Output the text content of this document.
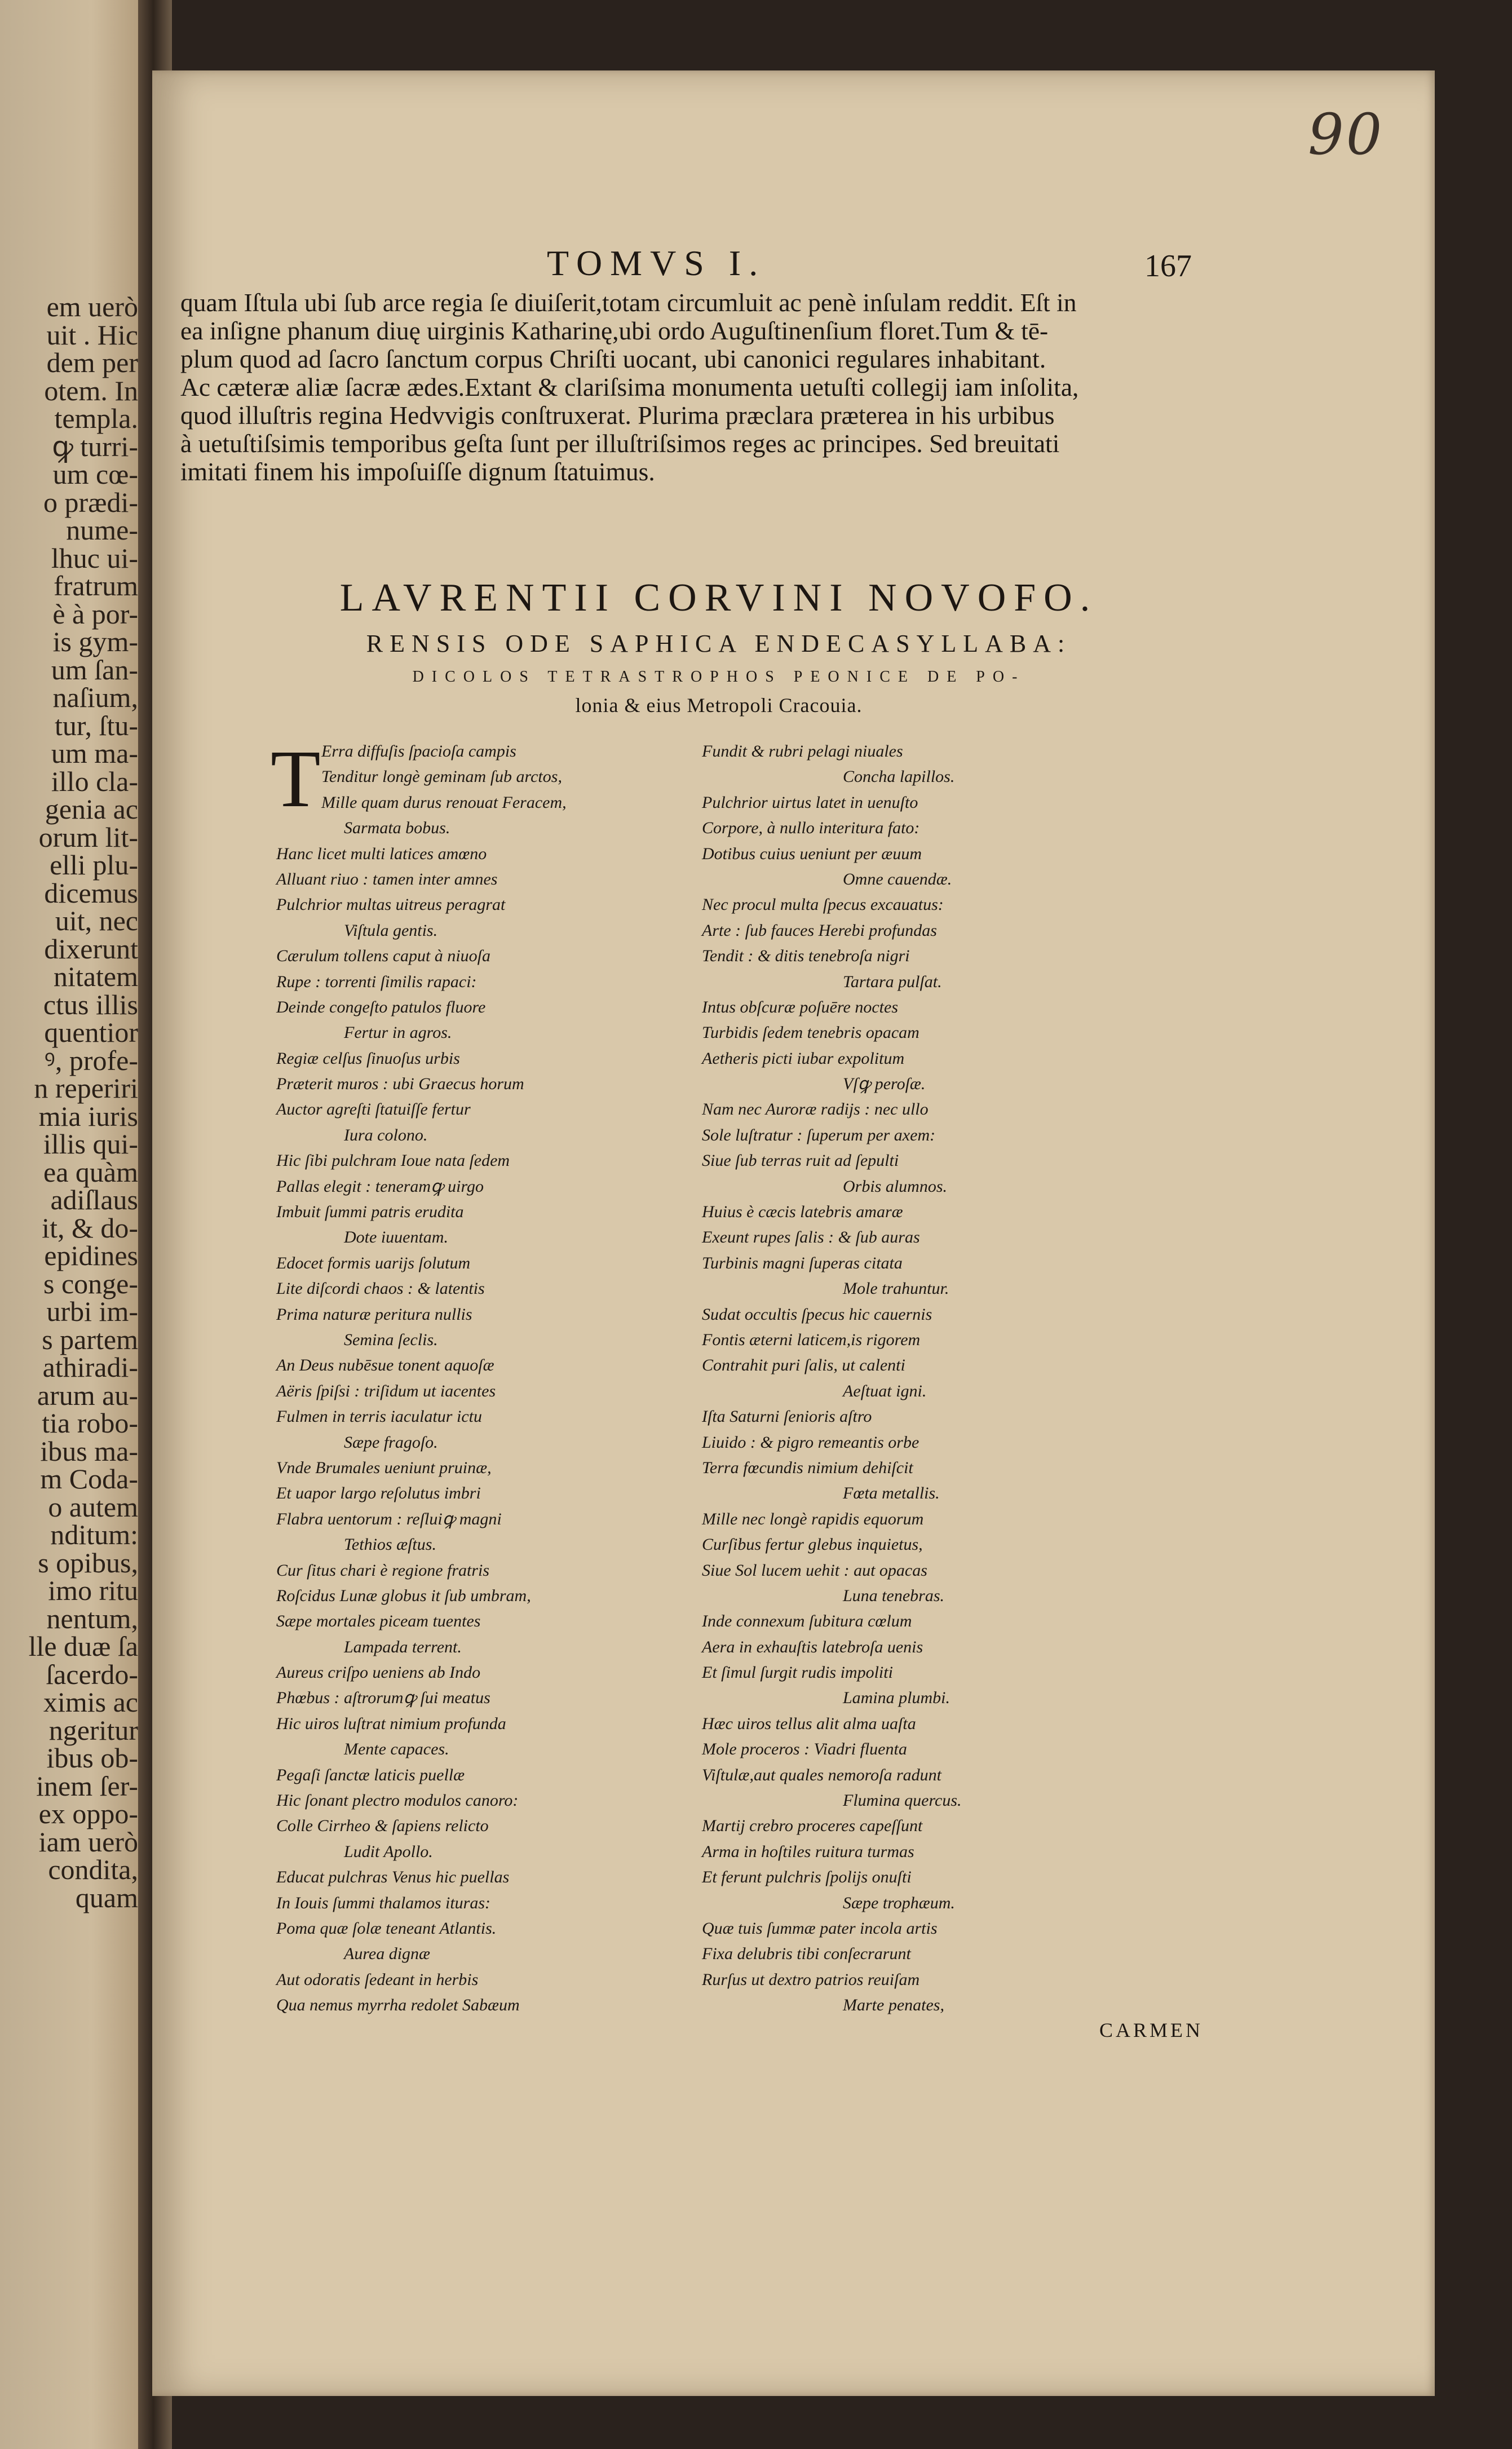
em uerò
uit . Hic
dem per
otem. In
templa.
ꝙ turri-
um cœ-
o prædi-
nume-
lhuc ui-
fratrum
è à por-
is gym-
um ſan-
naſium,
tur, ſtu-
um ma-
illo cla-
genia ac
orum lit-
elli plu-
dicemus
uit, nec
dixerunt
nitatem
ctus illis
quentior
ꝰ, profe-
n reperiri
mia iuris
illis qui-
ea quàm
adiſlaus
it, & do-
epidines
s conge-
urbi im-
s partem
athiradi-
arum au-
tia robo-
ibus ma-
m Coda-
o autem
nditum:
s opibus,
imo ritu
nentum,
lle duæ ſa
ſacerdo-
ximis ac
ngeritur
ibus ob-
inem ſer-
ex oppo-
iam uerò
condita,
quam
90
TOMVS I.	167
quam Iſtula ubi ſub arce regia ſe diuiſerit,totam circumluit ac penè inſulam reddit. Eſt in
ea inſigne phanum diuę uirginis Katharinę,ubi ordo Auguſtinenſium floret.Tum & tē-
plum quod ad ſacro ſanctum corpus Chriſti uocant, ubi canonici regulares inhabitant.
Ac cæteræ aliæ ſacræ ædes.Extant & clariſsima monumenta uetuſti collegij iam inſolita,
quod illuſtris regina Hedvvigis conſtruxerat. Plurima præclara præterea in his urbibus
à uetuſtiſsimis temporibus geſta ſunt per illuſtriſsimos reges ac principes. Sed breuitati
imitati finem his impoſuiſſe dignum ſtatuimus.
LAVRENTII CORVINI NOVOFO.
RENSIS ODE SAPHICA ENDECASYLLABA:
DICOLOS TETRASTROPHOS PEONICE DE PO-
lonia & eius Metropoli Cracouia.
T Erra diffuſis ſpacioſa campis
Tenditur longè geminam ſub arctos,
Mille quam durus renouat Feracem,
Sarmata bobus.
Hanc licet multi latices amœno
Alluant riuo : tamen inter amnes
Pulchrior multas uitreus peragrat
Viſtula gentis.
Cærulum tollens caput à niuoſa
Rupe : torrenti ſimilis rapaci:
Deinde congeſto patulos fluore
Fertur in agros.
Regiæ celſus ſinuoſus urbis
Præterit muros : ubi Graecus horum
Auctor agreſti ſtatuiſſe fertur
Iura colono.
Hic ſibi pulchram Ioue nata ſedem
Pallas elegit : teneramꝙ uirgo
Imbuit ſummi patris erudita
Dote iuuentam.
Edocet formis uarijs ſolutum
Lite diſcordi chaos : & latentis
Prima naturæ peritura nullis
Semina ſeclis.
An Deus nubēsue tonent aquoſæ
Aëris ſpiſsi : triſidum ut iacentes
Fulmen in terris iaculatur ictu
Sæpe fragoſo.
Vnde Brumales ueniunt pruinæ,
Et uapor largo reſolutus imbri
Flabra uentorum : reſluiꝙ magni
Tethios æſtus.
Cur ſitus chari è regione fratris
Roſcidus Lunæ globus it ſub umbram,
Sæpe mortales piceam tuentes
Lampada terrent.
Aureus criſpo ueniens ab Indo
Phœbus : aſtrorumꝙ ſui meatus
Hic uiros luſtrat nimium profunda
Mente capaces.
Pegaſi ſanctæ laticis puellæ
Hic ſonant plectro modulos canoro:
Colle Cirrheo & ſapiens relicto
Ludit Apollo.
Educat pulchras Venus hic puellas
In Iouis ſummi thalamos ituras:
Poma quæ ſolæ teneant Atlantis.
Aurea dignæ
Aut odoratis ſedeant in herbis
Qua nemus myrrha redolet Sabæum
Fundit & rubri pelagi niuales
Concha lapillos.
Pulchrior uirtus latet in uenuſto
Corpore, à nullo interitura fato:
Dotibus cuius ueniunt per æuum
Omne cauendæ.
Nec procul multa ſpecus excauatus:
Arte : ſub fauces Herebi profundas
Tendit : & ditis tenebroſa nigri
Tartara pulſat.
Intus obſcuræ poſuēre noctes
Turbidis ſedem tenebris opacam
Aetheris picti iubar expolitum
Vſꝙ peroſæ.
Nam nec Auroræ radijs : nec ullo
Sole luſtratur : ſuperum per axem:
Siue ſub terras ruit ad ſepulti
Orbis alumnos.
Huius è cæcis latebris amaræ
Exeunt rupes ſalis : & ſub auras
Turbinis magni ſuperas citata
Mole trahuntur.
Sudat occultis ſpecus hic cauernis
Fontis æterni laticem,is rigorem
Contrahit puri ſalis, ut calenti
Aeſtuat igni.
Iſta Saturni ſenioris aſtro
Liuido : & pigro remeantis orbe
Terra fœcundis nimium dehiſcit
Fœta metallis.
Mille nec longè rapidis equorum
Curſibus fertur glebus inquietus,
Siue Sol lucem uehit : aut opacas
Luna tenebras.
Inde connexum ſubitura cœlum
Aera in exhauſtis latebroſa uenis
Et ſimul ſurgit rudis impoliti
Lamina plumbi.
Hæc uiros tellus alit alma uaſta
Mole proceros : Viadri fluenta
Viſtulæ,aut quales nemoroſa radunt
Flumina quercus.
Martij crebro proceres capeſſunt
Arma in hoſtiles ruitura turmas
Et ferunt pulchris ſpolijs onuſti
Sæpe trophæum.
Quæ tuis ſummæ pater incola artis
Fixa delubris tibi conſecrarunt
Rurſus ut dextro patrios reuiſam
Marte penates,
CARMEN
